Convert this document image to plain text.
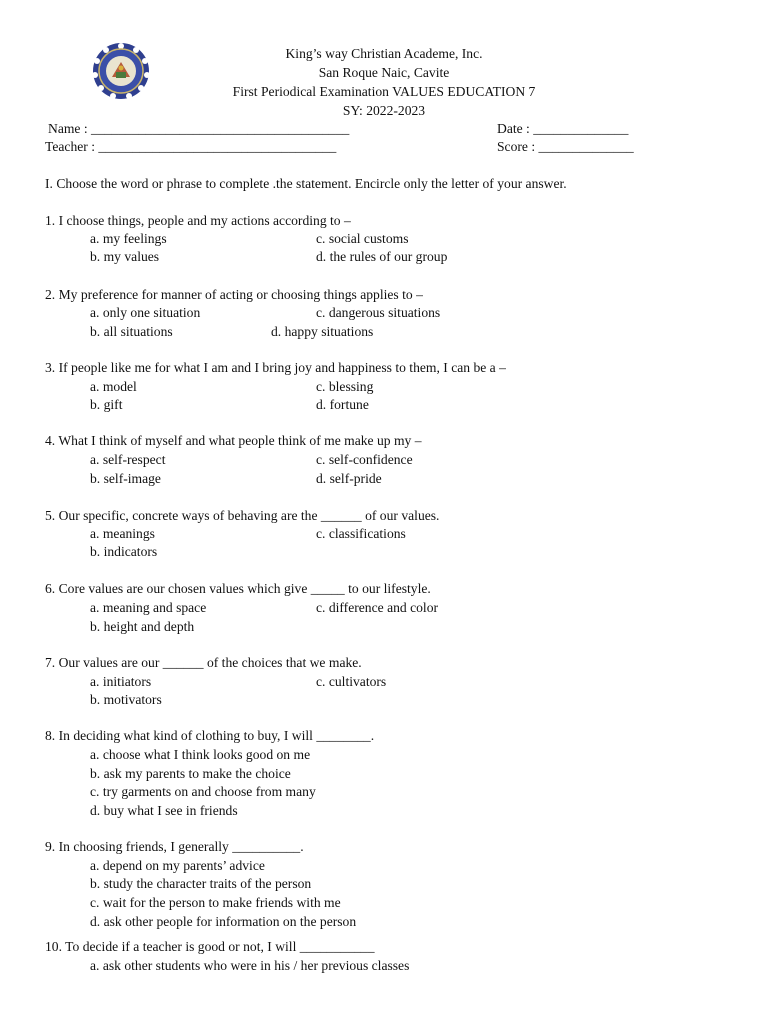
King’s way Christian Academe, Inc.
San Roque Naic, Cavite
First Periodical Examination VALUES EDUCATION 7
SY: 2022-2023
Name : ______________________________________	Date : ______________
Teacher : ___________________________________	Score : ______________
I. Choose the word or phrase to complete .the statement. Encircle only the letter of your answer.
1. I choose things, people and my actions according to –
a. my feelings	c. social customs
b. my values	d. the rules of our group
2. My preference for manner of acting or choosing things applies to –
a. only one situation	c. dangerous situations
b. all situations	d. happy situations
3. If people like me for what I am and I bring joy and happiness to them, I can be a –
a. model	c. blessing
b. gift	d. fortune
4. What I think of myself and what people think of me make up my –
a. self-respect	c. self-confidence
b. self-image	d. self-pride
5. Our specific, concrete ways of behaving are the ______ of our values.
a. meanings	c. classifications
b. indicators
6. Core values are our chosen values which give _____ to our lifestyle.
a. meaning and space	c. difference and color
b. height and depth
7. Our values are our ______ of the choices that we make.
a. initiators	c. cultivators
b. motivators
8. In deciding what kind of clothing to buy, I will ________.
a. choose what I think looks good on me
b. ask my parents to make the choice
c. try garments on and choose from many
d. buy what I see in friends
9. In choosing friends, I generally __________.
a. depend on my parents’ advice
b. study the character traits of the person
c. wait for the person to make friends with me
d. ask other people for information on the person
10. To decide if a teacher is good or not, I will ___________
a. ask other students who were in his / her previous classes
